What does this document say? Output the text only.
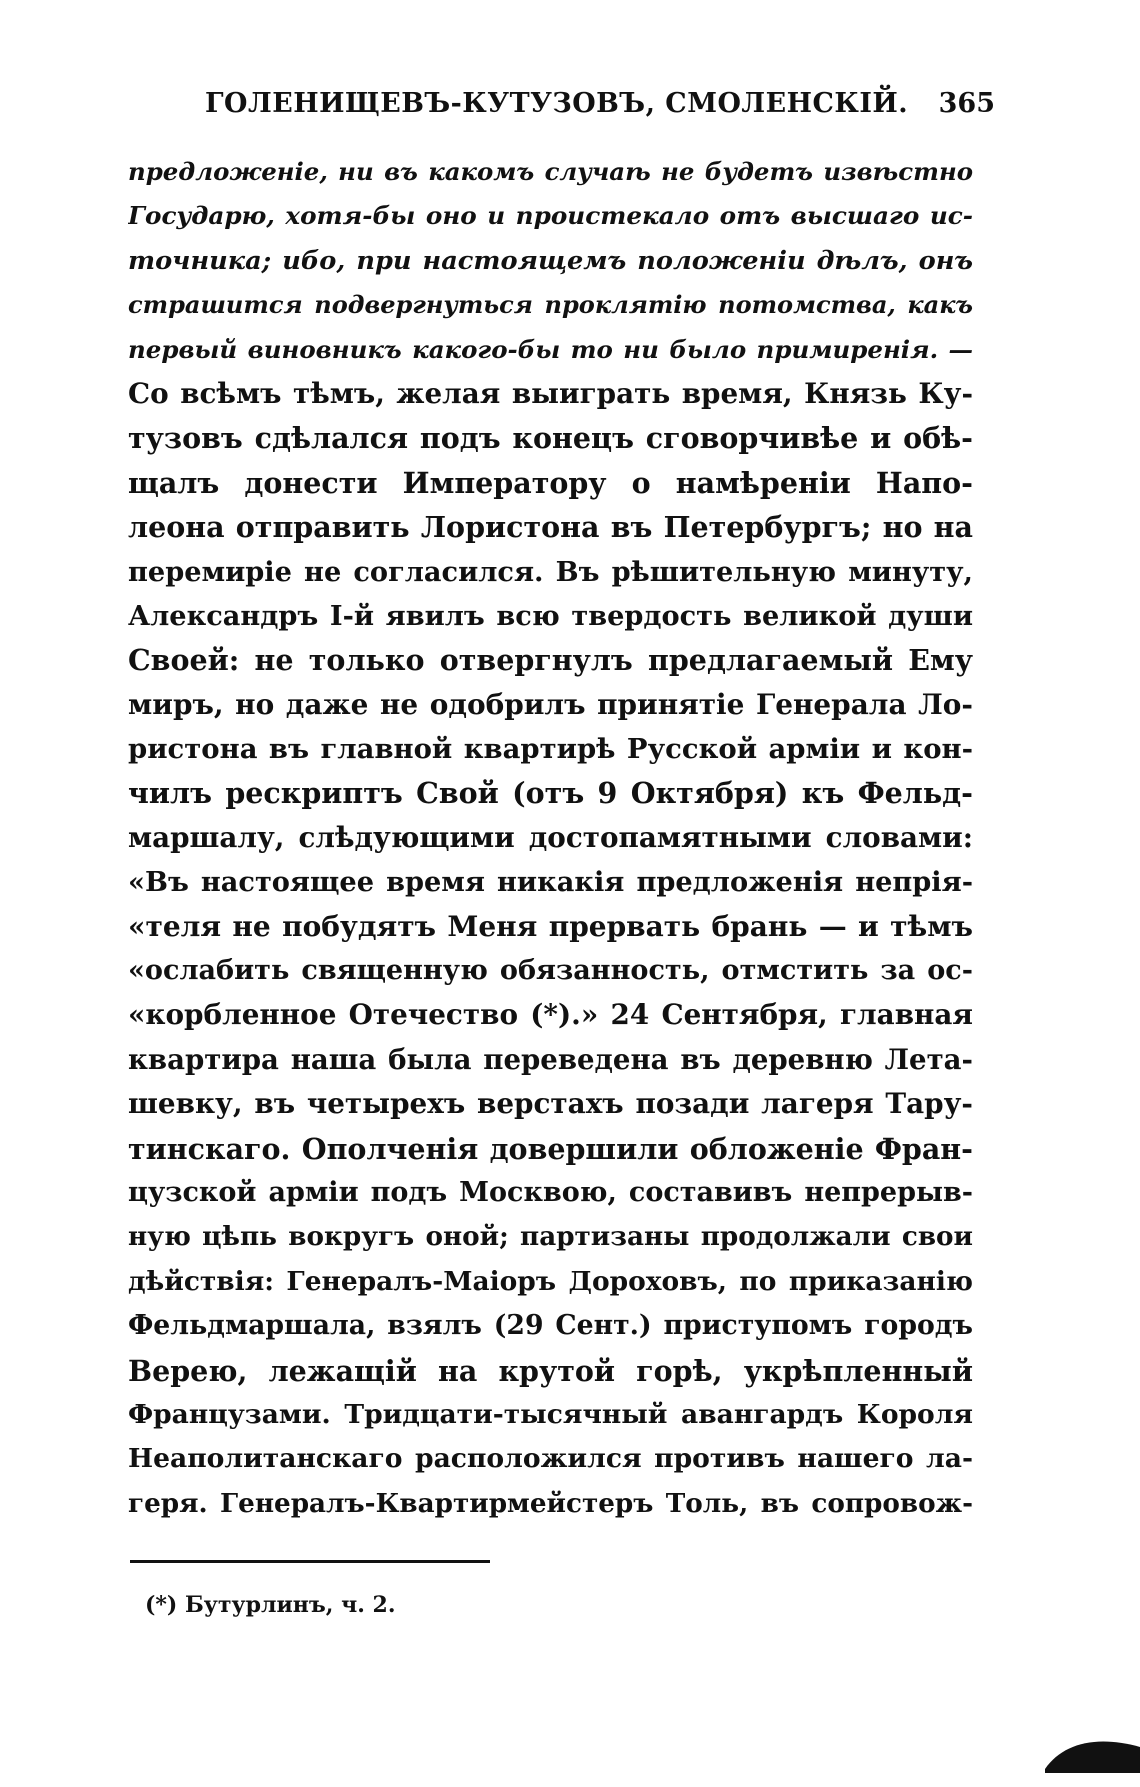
ГОЛЕНИЩЕВЪ-КУТУЗОВЪ, СМОЛЕНСКІЙ. 365
предложеніе, ни въ какомъ случаѣ не будетъ извѣстно
Государю, хотя-бы оно и проистекало отъ высшаго ис-
точника; ибо, при настоящемъ положеніи дѣлъ, онъ
страшится подвергнуться проклятію потомства, какъ
первый виновникъ какого-бы то ни было примиренія. —
Со всѣмъ тѣмъ, желая выиграть время, Князь Ку-
тузовъ сдѣлался подъ конецъ сговорчивѣе и обѣ-
щалъ донести Императору о намѣреніи Напо-
леона отправить Лористона въ Петербургъ; но на
перемиріе не согласился. Въ рѣшительную минуту,
Александръ I-й явилъ всю твердость великой души
Своей: не только отвергнулъ предлагаемый Ему
миръ, но даже не одобрилъ принятіе Генерала Ло-
ристона въ главной квартирѣ Русской арміи и кон-
чилъ рескриптъ Свой (отъ 9 Октября) къ Фельд-
маршалу, слѣдующими достопамятными словами:
«Въ настоящее время никакія предложенія непрія-
«теля не побудятъ Меня прервать брань — и тѣмъ
«ослабить священную обязанность, отмстить за ос-
«корбленное Отечество (*).» 24 Сентября, главная
квартира наша была переведена въ деревню Лета-
шевку, въ четырехъ верстахъ позади лагеря Тару-
тинскаго. Ополченія довершили обложеніе Фран-
цузской арміи подъ Москвою, составивъ непрерыв-
ную цѣпь вокругъ оной; партизаны продолжали свои
дѣйствія: Генералъ-Маіоръ Дороховъ, по приказанію
Фельдмаршала, взялъ (29 Сент.) приступомъ городъ
Верею, лежащій на крутой горѣ, укрѣпленный
Французами. Тридцати-тысячный авангардъ Короля
Неаполитанскаго расположился противъ нашего ла-
геря. Генералъ-Квартирмейстеръ Толь, въ сопровож-
(*) Бутурлинъ, ч. 2.
